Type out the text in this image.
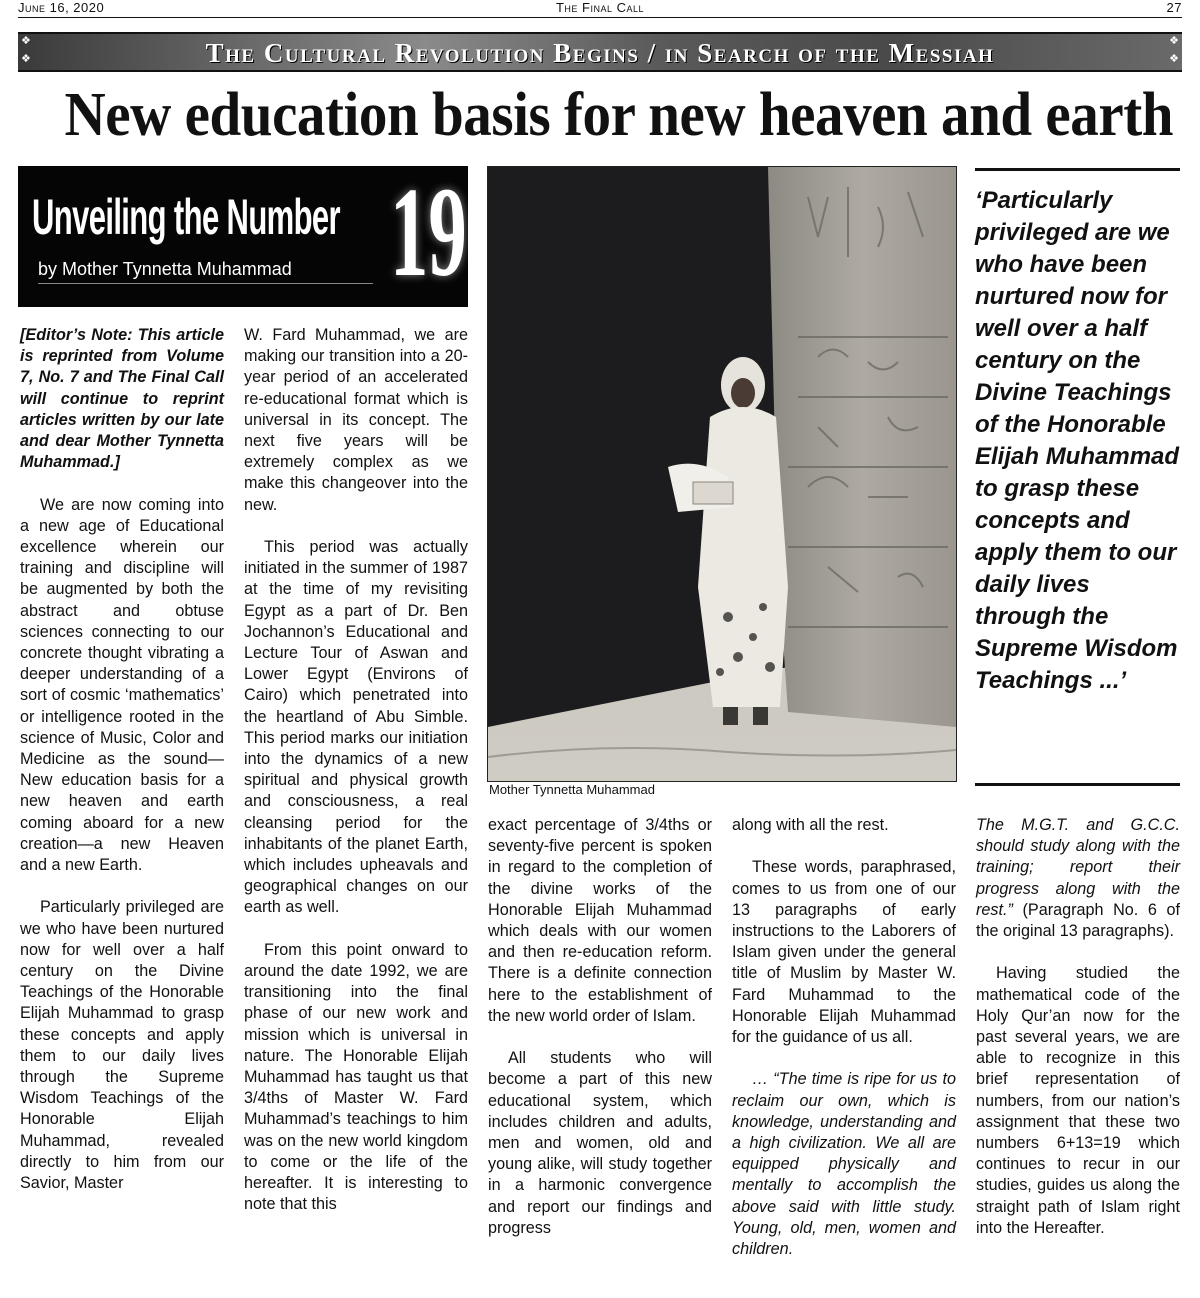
June 16, 2020	The Final Call	27
❖
❖
❖
❖
The Cultural Revolution Begins / in Search of the Messiah
New education basis for new heaven and earth
Unveiling the Number 19
by Mother Tynnetta Muhammad
Mother Tynnetta Muhammad
‘Particularly privileged are we who have been nurtured now for well over a half century on the Divine Teachings of the Honorable Elijah Muhammad to grasp these concepts and apply them to our daily lives through the Supreme Wisdom Teachings ...’

[Editor’s Note: This article is reprinted from Volume 7, No. 7 and The Final Call will continue to reprint articles written by our late and dear Mother Tynnetta Muhammad.]

We are now coming into a new age of Educational excellence wherein our training and discipline will be augmented by both the abstract and obtuse sciences connecting to our concrete thought vibrating a deeper understanding of a sort of cosmic ‘mathematics’ or intelligence rooted in the science of Music, Color and Medicine as the sound—New education basis for a new heaven and earth coming aboard for a new creation—a new Heaven and a new Earth.

Particularly privileged are we who have been nurtured now for well over a half century on the Divine Teachings of the Honorable Elijah Muhammad to grasp these concepts and apply them to our daily lives through the Supreme Wisdom Teachings of the Honorable Elijah Muhammad, revealed directly to him from our Savior, Master

W. Fard Muhammad, we are making our transition into a 20-year period of an accelerated re-educational format which is universal in its concept. The next five years will be extremely complex as we make this changeover into the new.

This period was actually initiated in the summer of 1987 at the time of my revisiting Egypt as a part of Dr. Ben Jochannon’s Educational and Lecture Tour of Aswan and Lower Egypt (Environs of Cairo) which penetrated into the heartland of Abu Simble. This period marks our initiation into the dynamics of a new spiritual and physical growth and consciousness, a real cleansing period for the inhabitants of the planet Earth, which includes upheavals and geographical changes on our earth as well.

From this point onward to around the date 1992, we are transitioning into the final phase of our new work and mission which is universal in nature. The Honorable Elijah Muhammad has taught us that 3/4ths of Master W. Fard Muhammad’s teachings to him was on the new world kingdom to come or the life of the hereafter. It is interesting to note that this

exact percentage of 3/4ths or seventy-five percent is spoken in regard to the completion of the divine works of the Honorable Elijah Muhammad which deals with our women and then re-education reform. There is a definite connection here to the establishment of the new world order of Islam.

All students who will become a part of this new educational system, which includes children and adults, men and women, old and young alike, will study together in a harmonic convergence and report our findings and progress

along with all the rest.

These words, paraphrased, comes to us from one of our 13 paragraphs of early instructions to the Laborers of Islam given under the general title of Muslim by Master W. Fard Muhammad to the Honorable Elijah Muhammad for the guidance of us all.

… “The time is ripe for us to reclaim our own, which is knowledge, understanding and a high civilization. We all are equipped physically and mentally to accomplish the above said with little study. Young, old, men, women and children.

The M.G.T. and G.C.C. should study along with the training; report their progress along with the rest.” (Paragraph No. 6 of the original 13 paragraphs).

Having studied the mathematical code of the Holy Qur’an now for the past several years, we are able to recognize in this brief representation of numbers, from our nation’s assignment that these two numbers 6+13=19 which continues to recur in our studies, guides us along the straight path of Islam right into the Hereafter.
